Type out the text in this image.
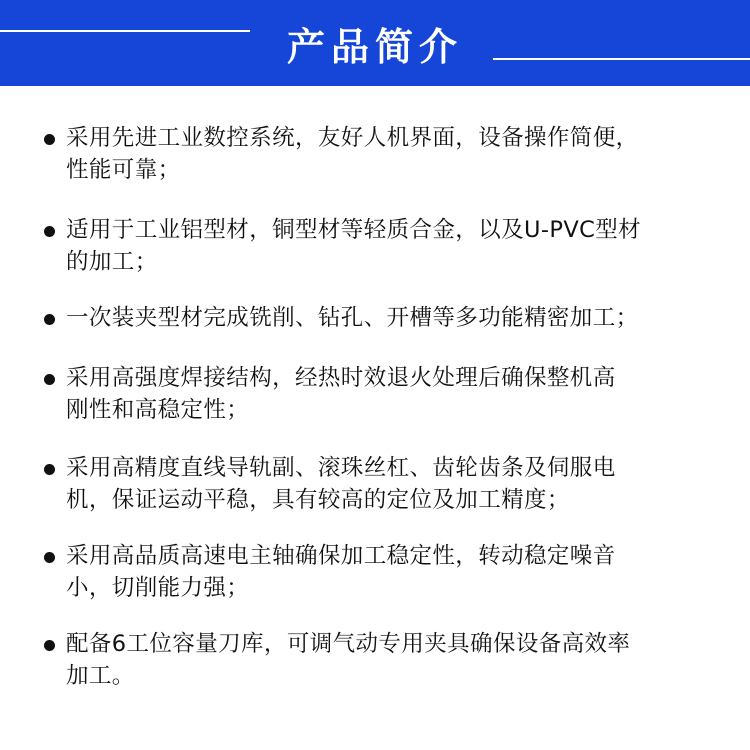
产品简介

采用先进工业数控系统，友好人机界面，设备操作简便，
性能可靠；

适用于工业铝型材，铜型材等轻质合金，以及U-PVC型材
的加工；

一次装夹型材完成铣削、钻孔、开槽等多功能精密加工；

采用高强度焊接结构，经热时效退火处理后确保整机高
刚性和高稳定性；

采用高精度直线导轨副、滚珠丝杠、齿轮齿条及伺服电
机，保证运动平稳，具有较高的定位及加工精度；

采用高品质高速电主轴确保加工稳定性，转动稳定噪音
小，切削能力强；

配备6工位容量刀库，可调气动专用夹具确保设备高效率
加工。
